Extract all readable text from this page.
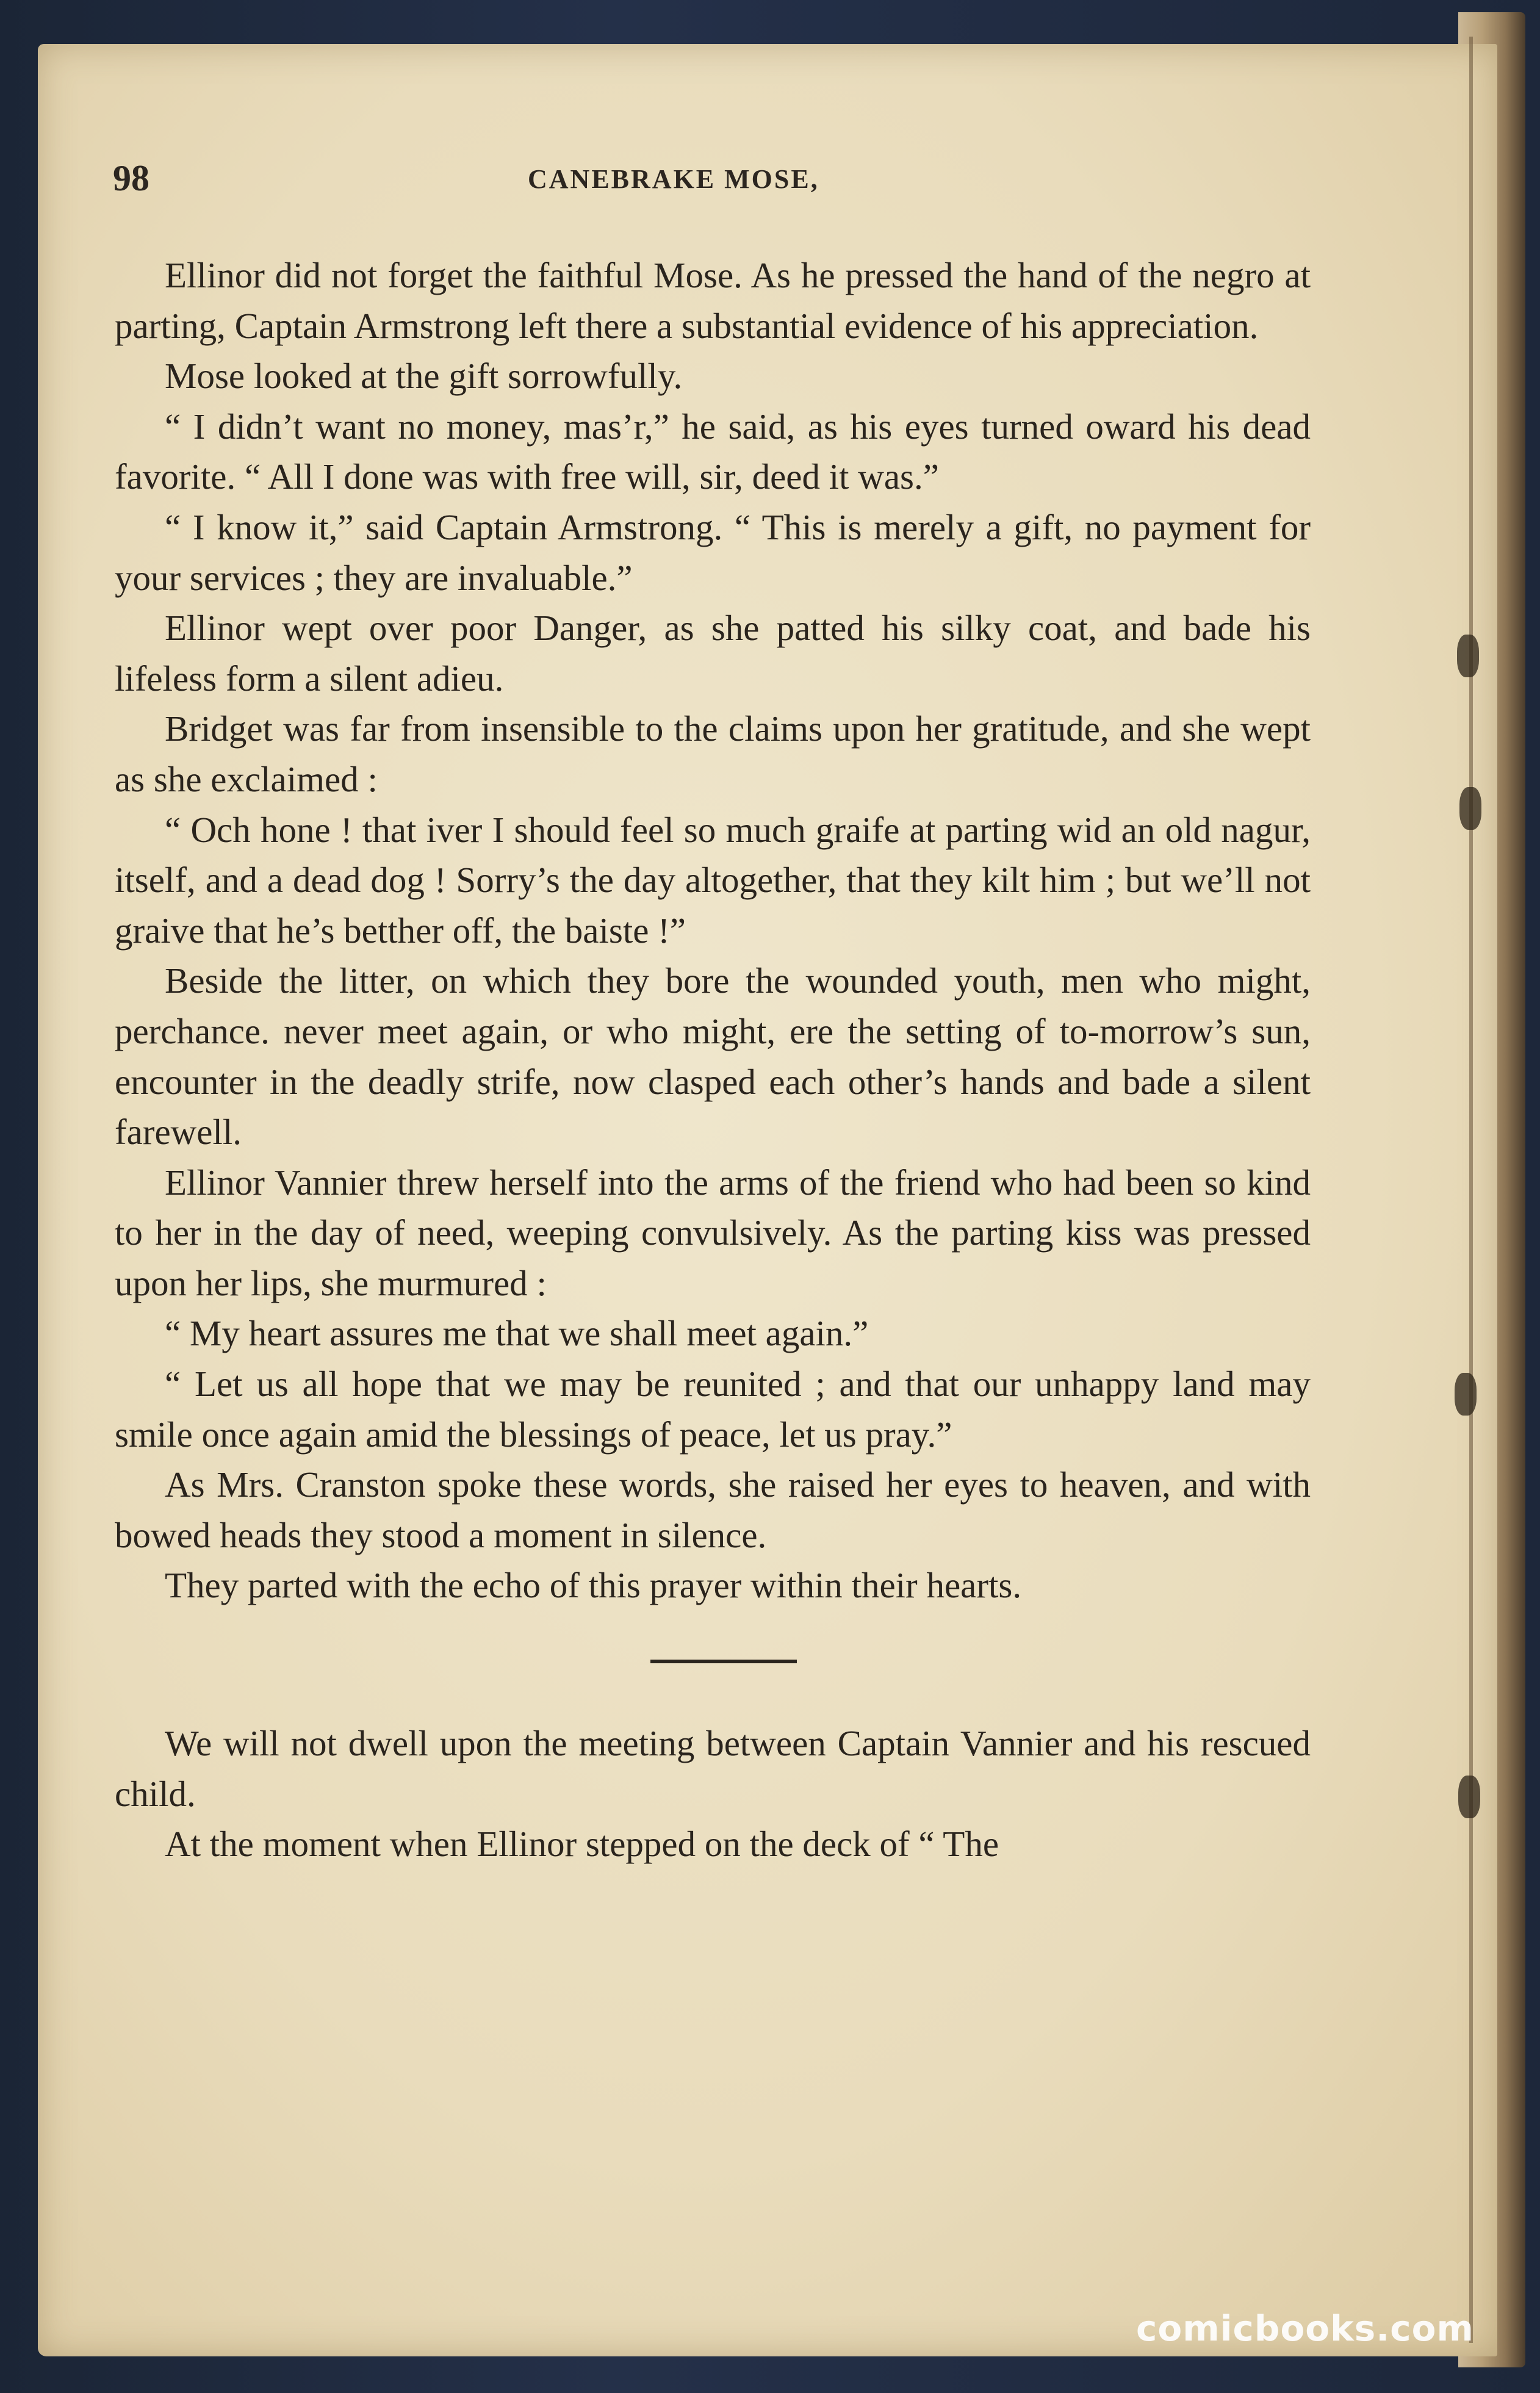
98	CANEBRAKE MOSE,

Ellinor did not forget the faithful Mose. As he pressed the hand of the negro at parting, Captain Armstrong left there a substantial evidence of his appreciation.

Mose looked at the gift sorrowfully.

“ I didn’t want no money, mas’r,” he said, as his eyes turned oward his dead favorite. “ All I done was with free will, sir, deed it was.”

“ I know it,” said Captain Armstrong. “ This is merely a gift, no payment for your services ; they are invaluable.”

Ellinor wept over poor Danger, as she patted his silky coat, and bade his lifeless form a silent adieu.

Bridget was far from insensible to the claims upon her gratitude, and she wept as she exclaimed :

“ Och hone ! that iver I should feel so much graife at parting wid an old nagur, itself, and a dead dog ! Sorry’s the day altogether, that they kilt him ; but we’ll not graive that he’s betther off, the baiste !”

Beside the litter, on which they bore the wounded youth, men who might, perchance. never meet again, or who might, ere the setting of to-morrow’s sun, encounter in the deadly strife, now clasped each other’s hands and bade a silent farewell.

Ellinor Vannier threw herself into the arms of the friend who had been so kind to her in the day of need, weeping convulsively. As the parting kiss was pressed upon her lips, she murmured :

“ My heart assures me that we shall meet again.”

“ Let us all hope that we may be reunited ; and that our unhappy land may smile once again amid the blessings of peace, let us pray.”

As Mrs. Cranston spoke these words, she raised her eyes to heaven, and with bowed heads they stood a moment in silence.

They parted with the echo of this prayer within their hearts.

We will not dwell upon the meeting between Captain Vannier and his rescued child.

At the moment when Ellinor stepped on the deck of “ The

comicbooks.com
